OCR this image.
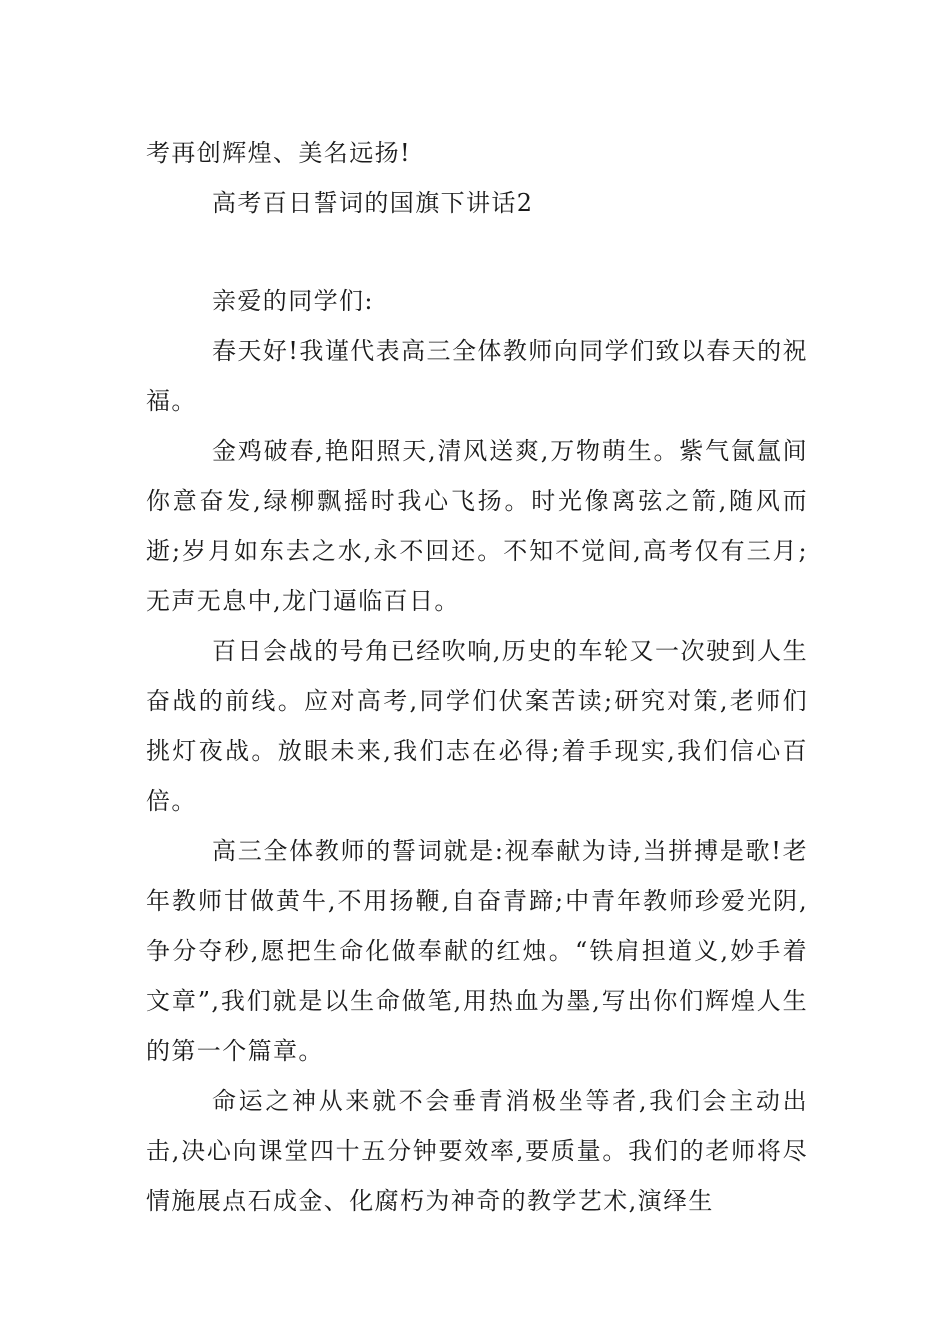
考再创辉煌、美名远扬!
高考百日誓词的国旗下讲话2
亲爱的同学们:

春天好!我谨代表高三全体教师向同学们致以春天的祝福。

金鸡破春,艳阳照天,清风送爽,万物萌生。紫气氤氲间你意奋发,绿柳飘摇时我心飞扬。时光像离弦之箭,随风而逝;岁月如东去之水,永不回还。不知不觉间,高考仅有三月;无声无息中,龙门逼临百日。

百日会战的号角已经吹响,历史的车轮又一次驶到人生奋战的前线。应对高考,同学们伏案苦读;研究对策,老师们挑灯夜战。放眼未来,我们志在必得;着手现实,我们信心百倍。

高三全体教师的誓词就是:视奉献为诗,当拼搏是歌!老年教师甘做黄牛,不用扬鞭,自奋青蹄;中青年教师珍爱光阴,争分夺秒,愿把生命化做奉献的红烛。“铁肩担道义,妙手着文章”,我们就是以生命做笔,用热血为墨,写出你们辉煌人生的第一个篇章。

命运之神从来就不会垂青消极坐等者,我们会主动出击,决心向课堂四十五分钟要效率,要质量。我们的老师将尽情施展点石成金、化腐朽为神奇的教学艺术,演绎生
